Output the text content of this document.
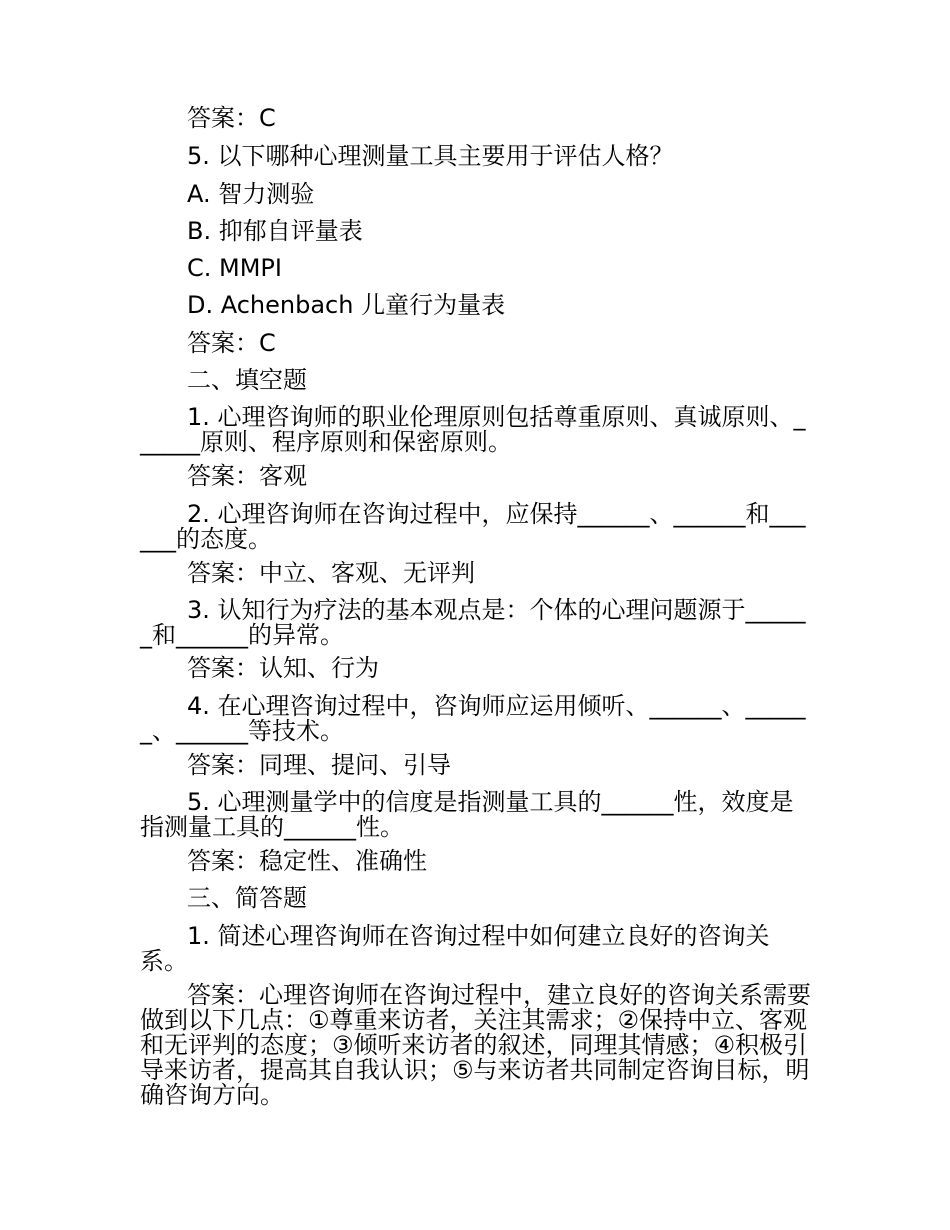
答案：C

5. 以下哪种心理测量工具主要用于评估人格？

A. 智力测验

B. 抑郁自评量表

C. MMPI

D. Achenbach 儿童行为量表

答案：C

二、填空题

1. 心理咨询师的职业伦理原则包括尊重原则、真诚原则、______原则、程序原则和保密原则。

答案：客观

2. 心理咨询师在咨询过程中，应保持______、______和______的态度。

答案：中立、客观、无评判

3. 认知行为疗法的基本观点是：个体的心理问题源于______和______的异常。

答案：认知、行为

4. 在心理咨询过程中，咨询师应运用倾听、______、______、______等技术。

答案：同理、提问、引导

5. 心理测量学中的信度是指测量工具的______性，效度是指测量工具的______性。

答案：稳定性、准确性

三、简答题

1. 简述心理咨询师在咨询过程中如何建立良好的咨询关系。

答案：心理咨询师在咨询过程中，建立良好的咨询关系需要做到以下几点：①尊重来访者，关注其需求；②保持中立、客观和无评判的态度；③倾听来访者的叙述，同理其情感；④积极引导来访者，提高其自我认识；⑤与来访者共同制定咨询目标，明确咨询方向。
